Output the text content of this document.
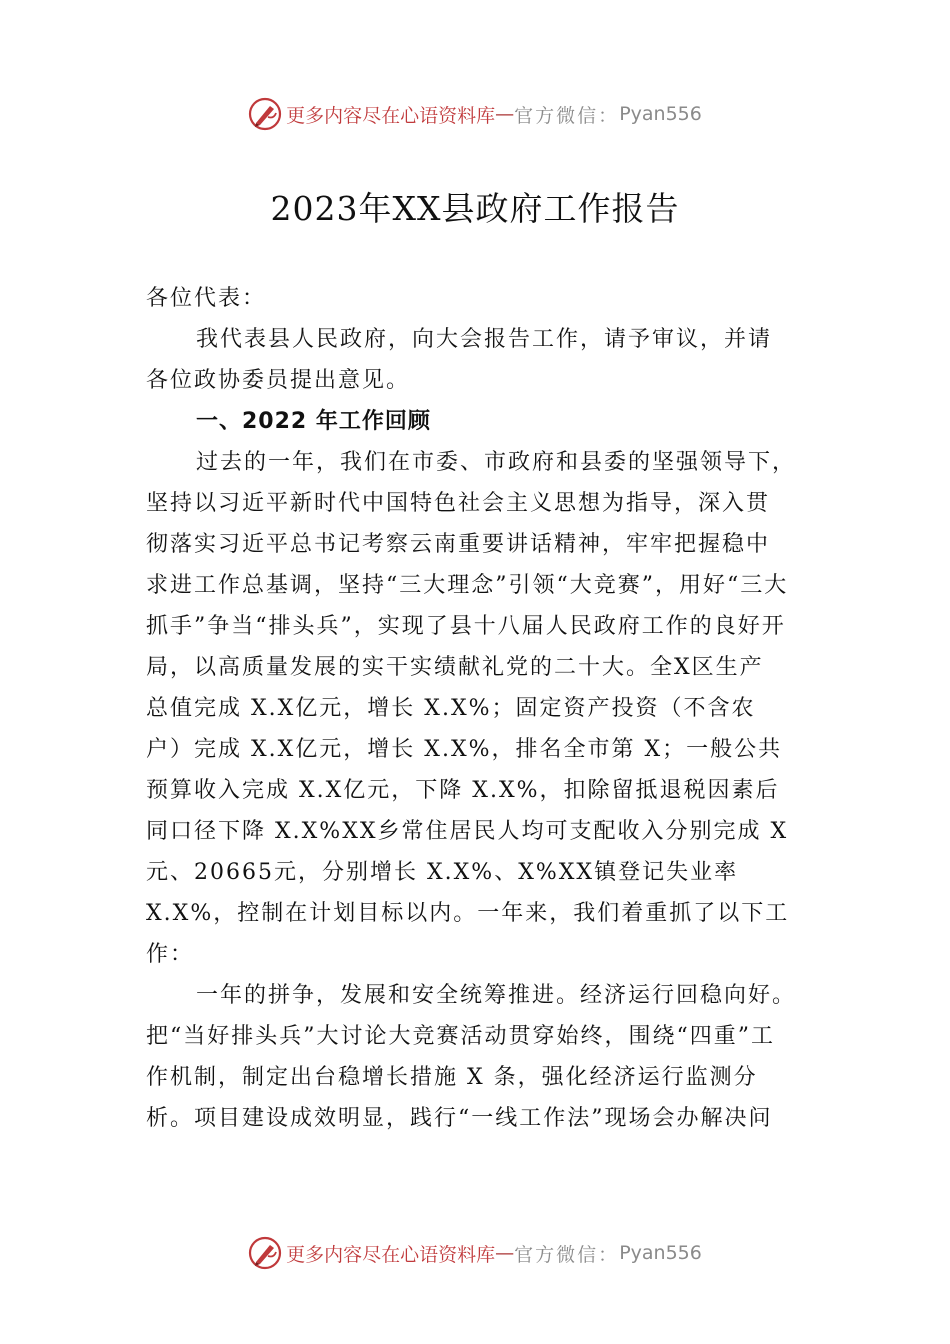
更多内容尽在心语资料库 — 官方微信： Pyan556
2023年XX县政府工作报告
各位代表：
我代表县人民政府，向大会报告工作，请予审议，并请
各位政协委员提出意见。
一、2022 年工作回顾
过去的一年，我们在市委、市政府和县委的坚强领导下，
坚持以习近平新时代中国特色社会主义思想为指导，深入贯
彻落实习近平总书记考察云南重要讲话精神，牢牢把握稳中
求进工作总基调，坚持“三大理念”引领“大竞赛”，用好“三大
抓手”争当“排头兵”，实现了县十八届人民政府工作的良好开
局，以高质量发展的实干实绩献礼党的二十大。全X区生产
总值完成 X.X亿元，增长 X.X%；固定资产投资（不含农
户）完成 X.X亿元，增长 X.X%，排名全市第 X；一般公共
预算收入完成 X.X亿元，下降 X.X%，扣除留抵退税因素后
同口径下降 X.X%XX乡常住居民人均可支配收入分别完成 X
元、20665元，分别增长 X.X%、X%XX镇登记失业率
X.X%，控制在计划目标以内。一年来，我们着重抓了以下工
作：
一年的拼争，发展和安全统筹推进。经济运行回稳向好。
把“当好排头兵”大讨论大竞赛活动贯穿始终，围绕“四重”工
作机制，制定出台稳增长措施 X 条，强化经济运行监测分
析。项目建设成效明显，践行“一线工作法”现场会办解决问
更多内容尽在心语资料库 — 官方微信： Pyan556
